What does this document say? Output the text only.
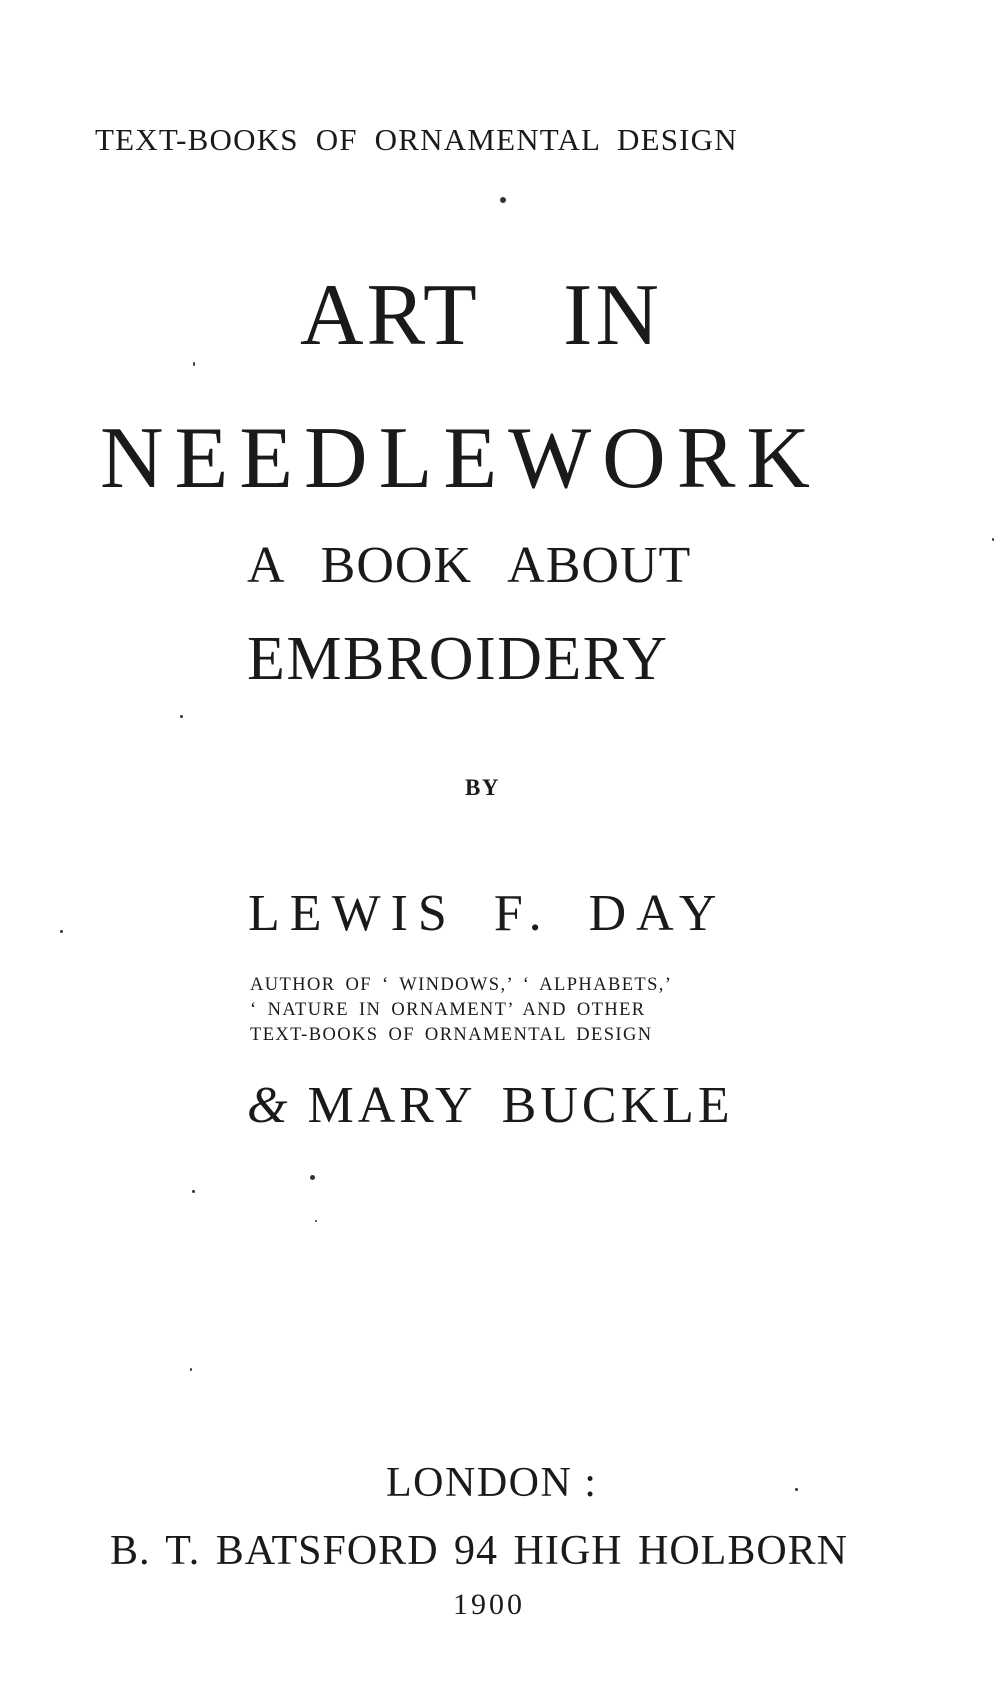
TEXT-BOOKS OF ORNAMENTAL DESIGN
ART IN
NEEDLEWORK
A BOOK ABOUT
EMBROIDERY
BY
LEWIS F. DAY
AUTHOR OF ‘ WINDOWS,’ ‘ ALPHABETS,’
‘ NATURE IN ORNAMENT’ AND OTHER
TEXT-BOOKS OF ORNAMENTAL DESIGN
& MARY BUCKLE
LONDON :
B. T. BATSFORD 94 HIGH HOLBORN
1900
